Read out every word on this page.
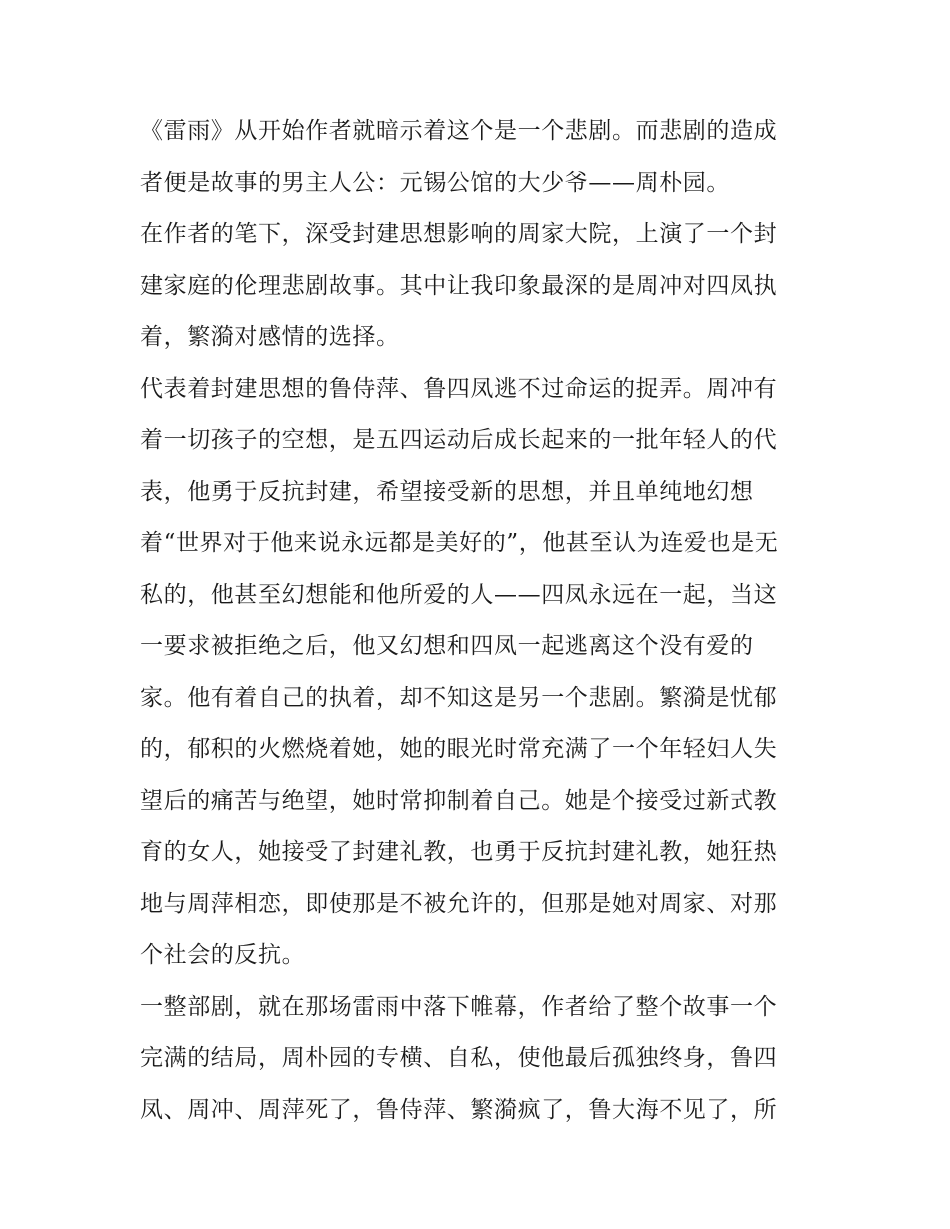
《雷雨》从开始作者就暗示着这个是一个悲剧。而悲剧的造成
者便是故事的男主人公：元锡公馆的大少爷——周朴园。
在作者的笔下，深受封建思想影响的周家大院，上演了一个封
建家庭的伦理悲剧故事。其中让我印象最深的是周冲对四凤执
着，繁漪对感情的选择。
代表着封建思想的鲁侍萍、鲁四凤逃不过命运的捉弄。周冲有
着一切孩子的空想，是五四运动后成长起来的一批年轻人的代
表，他勇于反抗封建，希望接受新的思想，并且单纯地幻想
着“世界对于他来说永远都是美好的”，他甚至认为连爱也是无
私的，他甚至幻想能和他所爱的人——四凤永远在一起，当这
一要求被拒绝之后，他又幻想和四凤一起逃离这个没有爱的
家。他有着自己的执着，却不知这是另一个悲剧。繁漪是忧郁
的，郁积的火燃烧着她，她的眼光时常充满了一个年轻妇人失
望后的痛苦与绝望，她时常抑制着自己。她是个接受过新式教
育的女人，她接受了封建礼教，也勇于反抗封建礼教，她狂热
地与周萍相恋，即使那是不被允许的，但那是她对周家、对那
个社会的反抗。
一整部剧，就在那场雷雨中落下帷幕，作者给了整个故事一个
完满的结局，周朴园的专横、自私，使他最后孤独终身，鲁四
凤、周冲、周萍死了，鲁侍萍、繁漪疯了，鲁大海不见了，所
